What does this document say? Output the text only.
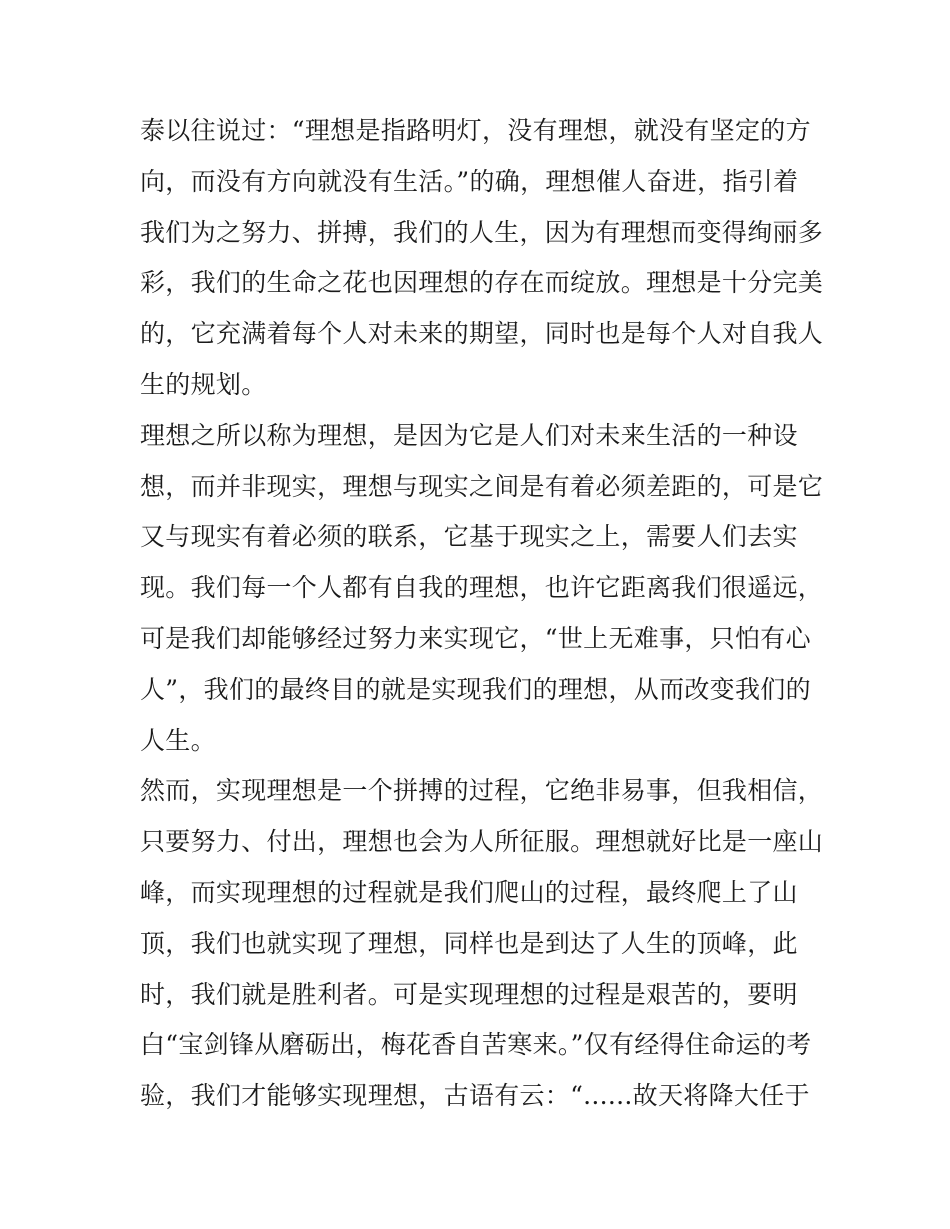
泰以往说过：“理想是指路明灯，没有理想，就没有坚定的方
向，而没有方向就没有生活。”的确，理想催人奋进，指引着
我们为之努力、拼搏，我们的人生，因为有理想而变得绚丽多
彩，我们的生命之花也因理想的存在而绽放。理想是十分完美
的，它充满着每个人对未来的期望，同时也是每个人对自我人
生的规划。
理想之所以称为理想，是因为它是人们对未来生活的一种设
想，而并非现实，理想与现实之间是有着必须差距的，可是它
又与现实有着必须的联系，它基于现实之上，需要人们去实
现。我们每一个人都有自我的理想，也许它距离我们很遥远，
可是我们却能够经过努力来实现它，“世上无难事，只怕有心
人”，我们的最终目的就是实现我们的理想，从而改变我们的
人生。
然而，实现理想是一个拼搏的过程，它绝非易事，但我相信，
只要努力、付出，理想也会为人所征服。理想就好比是一座山
峰，而实现理想的过程就是我们爬山的过程，最终爬上了山
顶，我们也就实现了理想，同样也是到达了人生的顶峰，此
时，我们就是胜利者。可是实现理想的过程是艰苦的，要明
白“宝剑锋从磨砺出，梅花香自苦寒来。”仅有经得住命运的考
验，我们才能够实现理想，古语有云：“......故天将降大任于
